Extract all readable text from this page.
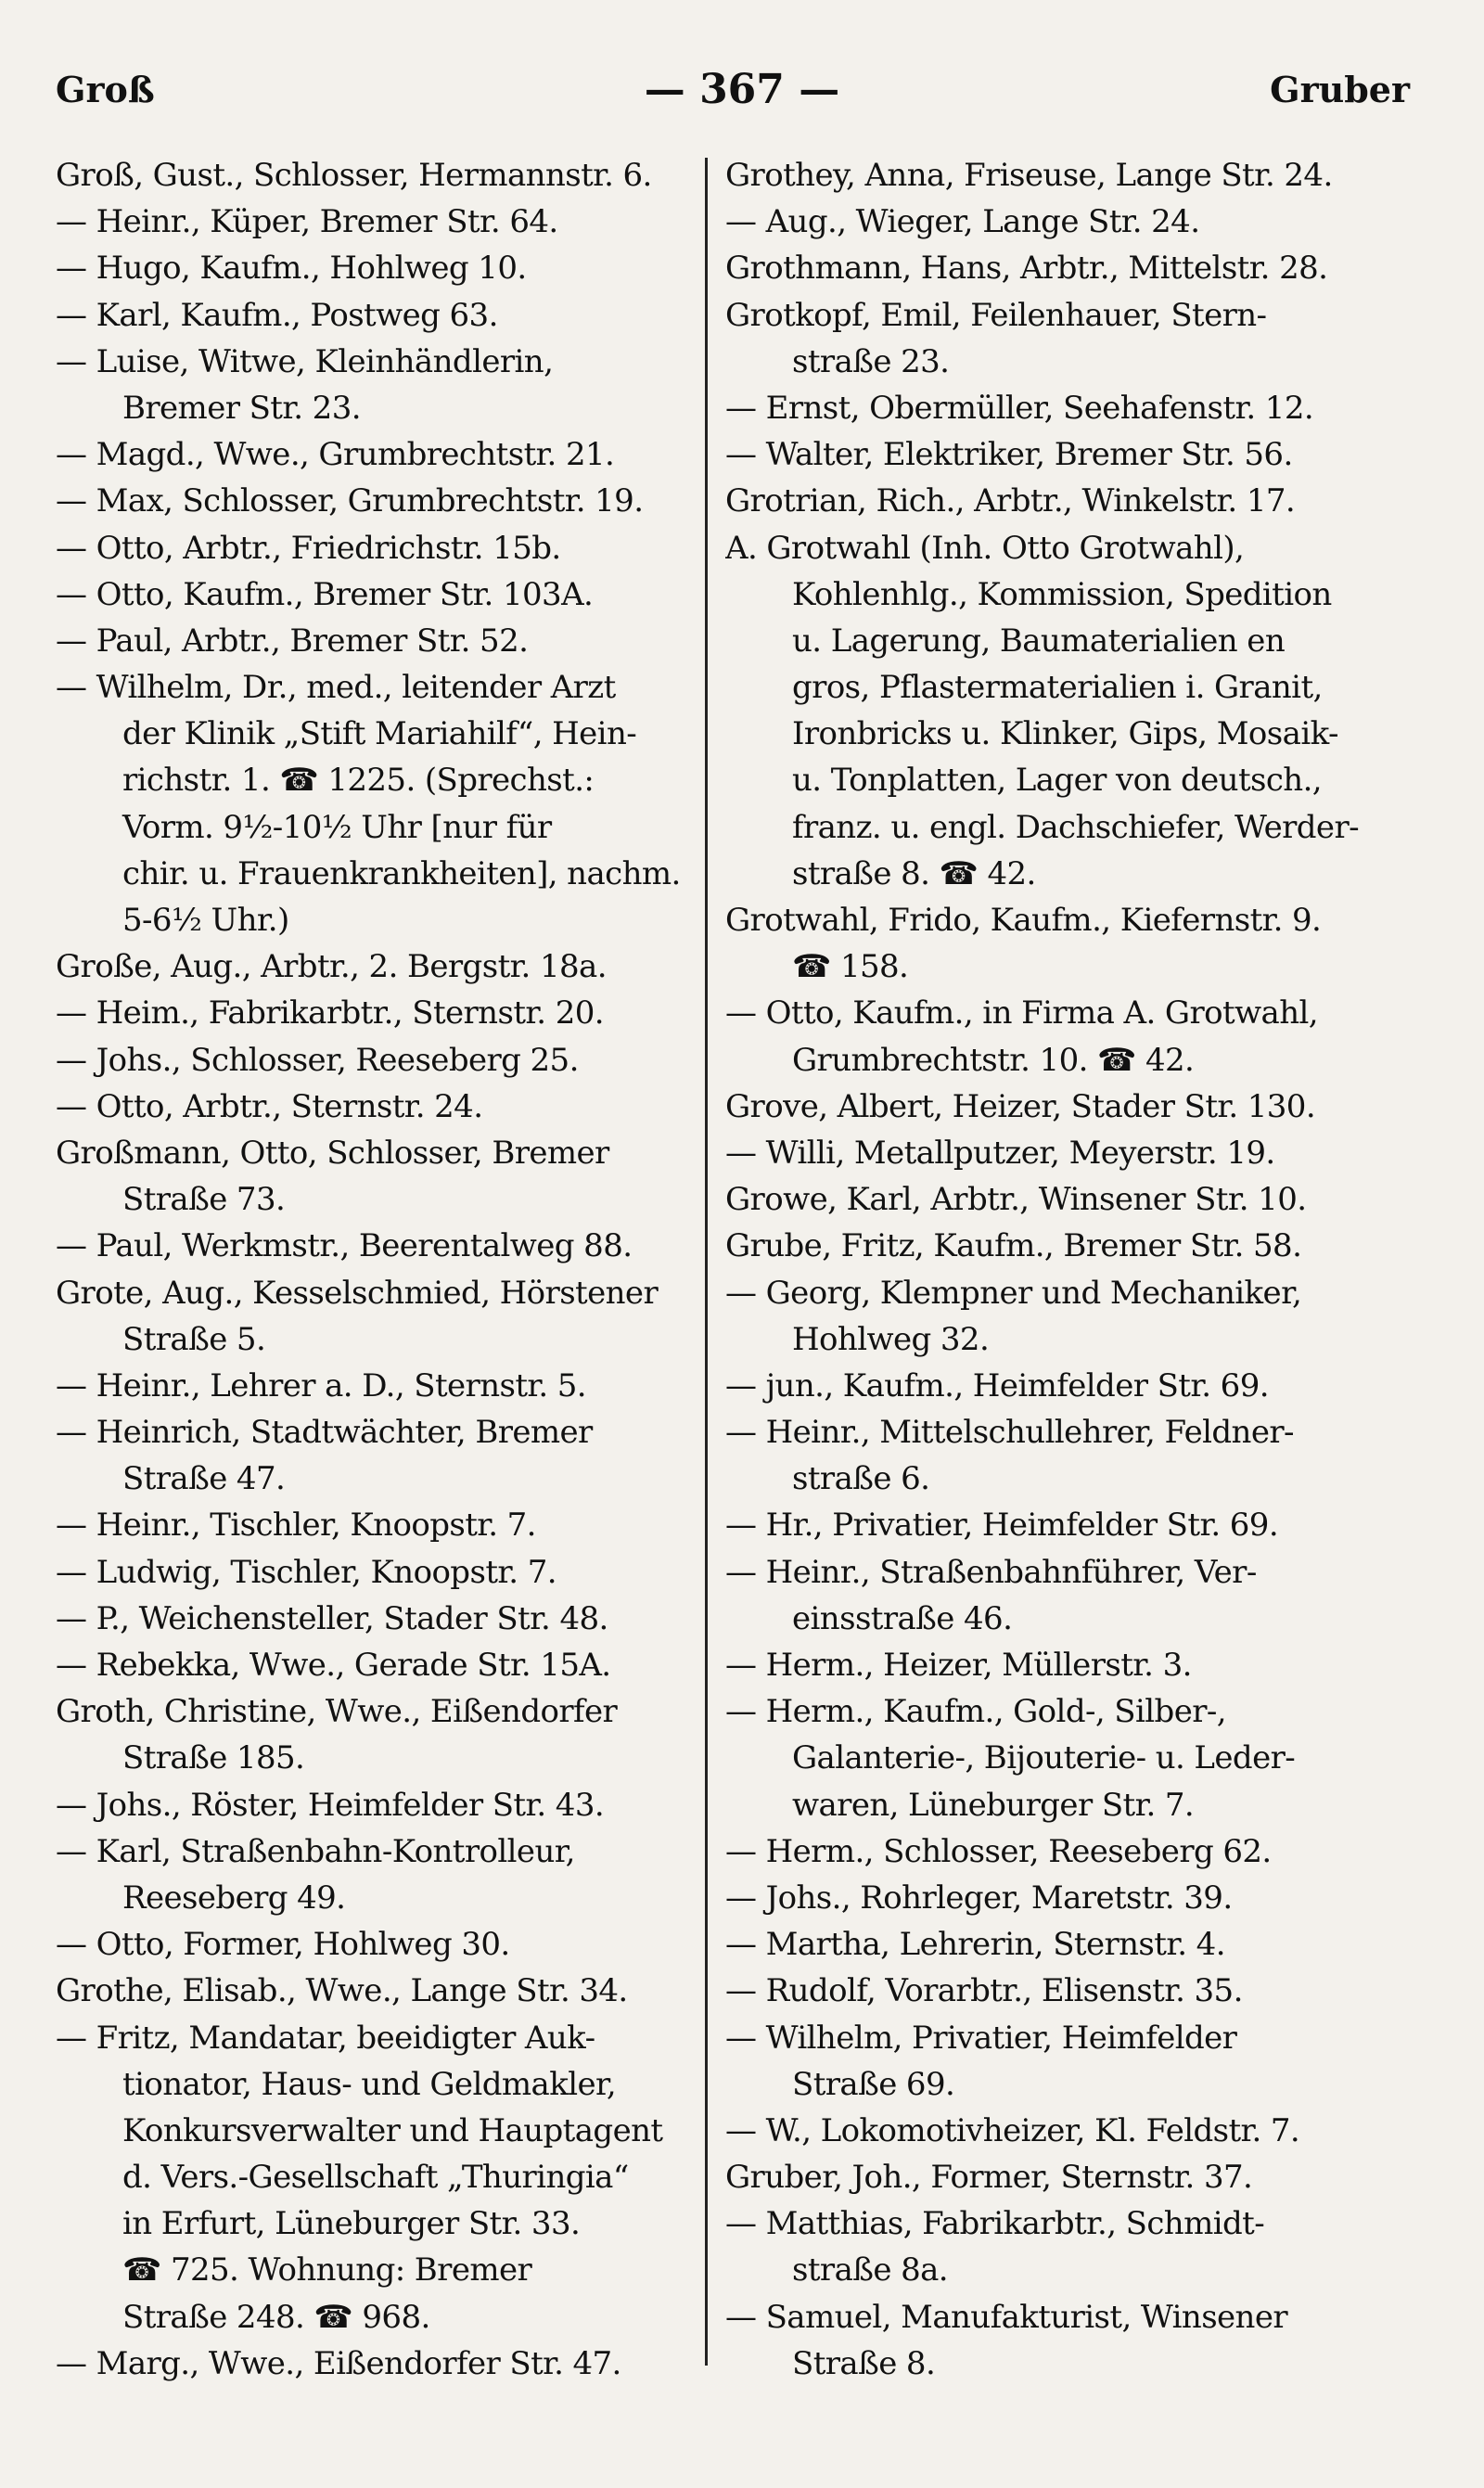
Groß	— 367 —	Gruber
Groß, Gust., Schlosser, Hermannstr. 6.
— Heinr., Küper, Bremer Str. 64.
— Hugo, Kaufm., Hohlweg 10.
— Karl, Kaufm., Postweg 63.
— Luise, Witwe, Kleinhändlerin,
Bremer Str. 23.
— Magd., Wwe., Grumbrechtstr. 21.
— Max, Schlosser, Grumbrechtstr. 19.
— Otto, Arbtr., Friedrichstr. 15b.
— Otto, Kaufm., Bremer Str. 103A.
— Paul, Arbtr., Bremer Str. 52.
— Wilhelm, Dr., med., leitender Arzt
der Klinik „Stift Mariahilf“, Hein-
richstr. 1. ☎ 1225. (Sprechst.:
Vorm. 9½-10½ Uhr [nur für
chir. u. Frauenkrankheiten], nachm.
5-6½ Uhr.)
Große, Aug., Arbtr., 2. Bergstr. 18a.
— Heim., Fabrikarbtr., Sternstr. 20.
— Johs., Schlosser, Reeseberg 25.
— Otto, Arbtr., Sternstr. 24.
Großmann, Otto, Schlosser, Bremer
Straße 73.
— Paul, Werkmstr., Beerentalweg 88.
Grote, Aug., Kesselschmied, Hörstener
Straße 5.
— Heinr., Lehrer a. D., Sternstr. 5.
— Heinrich, Stadtwächter, Bremer
Straße 47.
— Heinr., Tischler, Knoopstr. 7.
— Ludwig, Tischler, Knoopstr. 7.
— P., Weichensteller, Stader Str. 48.
— Rebekka, Wwe., Gerade Str. 15A.
Groth, Christine, Wwe., Eißendorfer
Straße 185.
— Johs., Röster, Heimfelder Str. 43.
— Karl, Straßenbahn-Kontrolleur,
Reeseberg 49.
— Otto, Former, Hohlweg 30.
Grothe, Elisab., Wwe., Lange Str. 34.
— Fritz, Mandatar, beeidigter Auk-
tionator, Haus- und Geldmakler,
Konkursverwalter und Hauptagent
d. Vers.-Gesellschaft „Thuringia“
in Erfurt, Lüneburger Str. 33.
☎ 725. Wohnung: Bremer
Straße 248. ☎ 968.
— Marg., Wwe., Eißendorfer Str. 47.
Grothey, Anna, Friseuse, Lange Str. 24.
— Aug., Wieger, Lange Str. 24.
Grothmann, Hans, Arbtr., Mittelstr. 28.
Grotkopf, Emil, Feilenhauer, Stern-
straße 23.
— Ernst, Obermüller, Seehafenstr. 12.
— Walter, Elektriker, Bremer Str. 56.
Grotrian, Rich., Arbtr., Winkelstr. 17.
A. Grotwahl (Inh. Otto Grotwahl),
Kohlenhlg., Kommission, Spedition
u. Lagerung, Baumaterialien en
gros, Pflastermaterialien i. Granit,
Ironbricks u. Klinker, Gips, Mosaik-
u. Tonplatten, Lager von deutsch.,
franz. u. engl. Dachschiefer, Werder-
straße 8. ☎ 42.
Grotwahl, Frido, Kaufm., Kiefernstr. 9.
☎ 158.
— Otto, Kaufm., in Firma A. Grotwahl,
Grumbrechtstr. 10. ☎ 42.
Grove, Albert, Heizer, Stader Str. 130.
— Willi, Metallputzer, Meyerstr. 19.
Growe, Karl, Arbtr., Winsener Str. 10.
Grube, Fritz, Kaufm., Bremer Str. 58.
— Georg, Klempner und Mechaniker,
Hohlweg 32.
— jun., Kaufm., Heimfelder Str. 69.
— Heinr., Mittelschullehrer, Feldner-
straße 6.
— Hr., Privatier, Heimfelder Str. 69.
— Heinr., Straßenbahnführer, Ver-
einsstraße 46.
— Herm., Heizer, Müllerstr. 3.
— Herm., Kaufm., Gold-, Silber-,
Galanterie-, Bijouterie- u. Leder-
waren, Lüneburger Str. 7.
— Herm., Schlosser, Reeseberg 62.
— Johs., Rohrleger, Maretstr. 39.
— Martha, Lehrerin, Sternstr. 4.
— Rudolf, Vorarbtr., Elisenstr. 35.
— Wilhelm, Privatier, Heimfelder
Straße 69.
— W., Lokomotivheizer, Kl. Feldstr. 7.
Gruber, Joh., Former, Sternstr. 37.
— Matthias, Fabrikarbtr., Schmidt-
straße 8a.
— Samuel, Manufakturist, Winsener
Straße 8.
